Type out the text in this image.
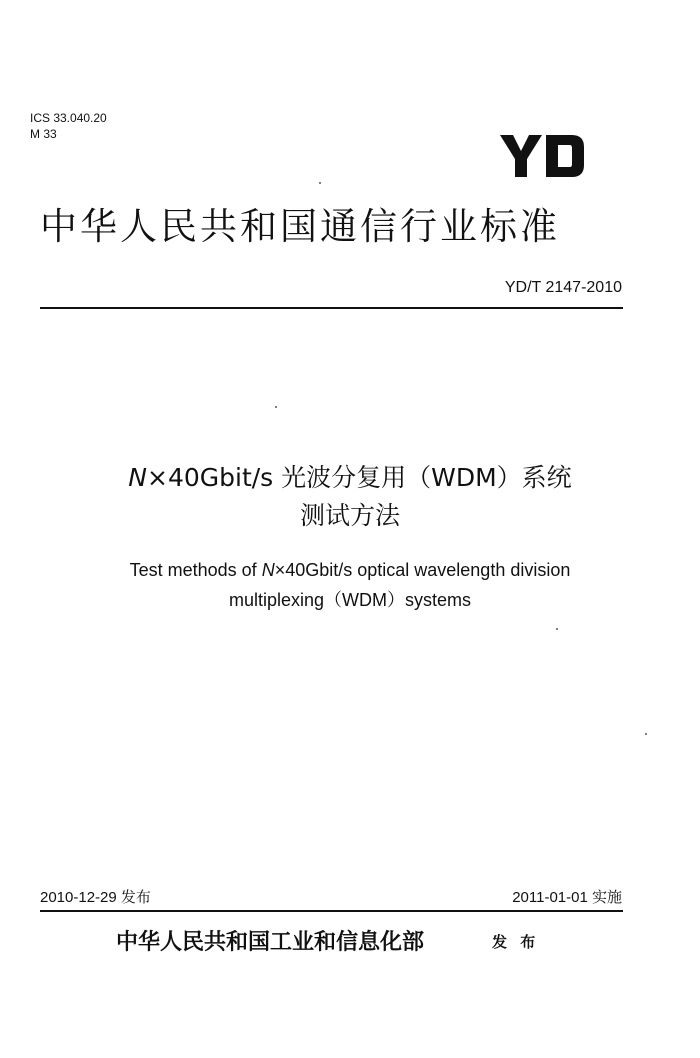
ICS 33.040.20
M 33
中华人民共和国通信行业标准
YD/T 2147-2010
N×40Gbit/s 光波分复用（WDM）系统
测试方法
Test methods of N×40Gbit/s optical wavelength division
multiplexing（WDM）systems
2010-12-29 发布	2011-01-01 实施
中华人民共和国工业和信息化部	发 布
